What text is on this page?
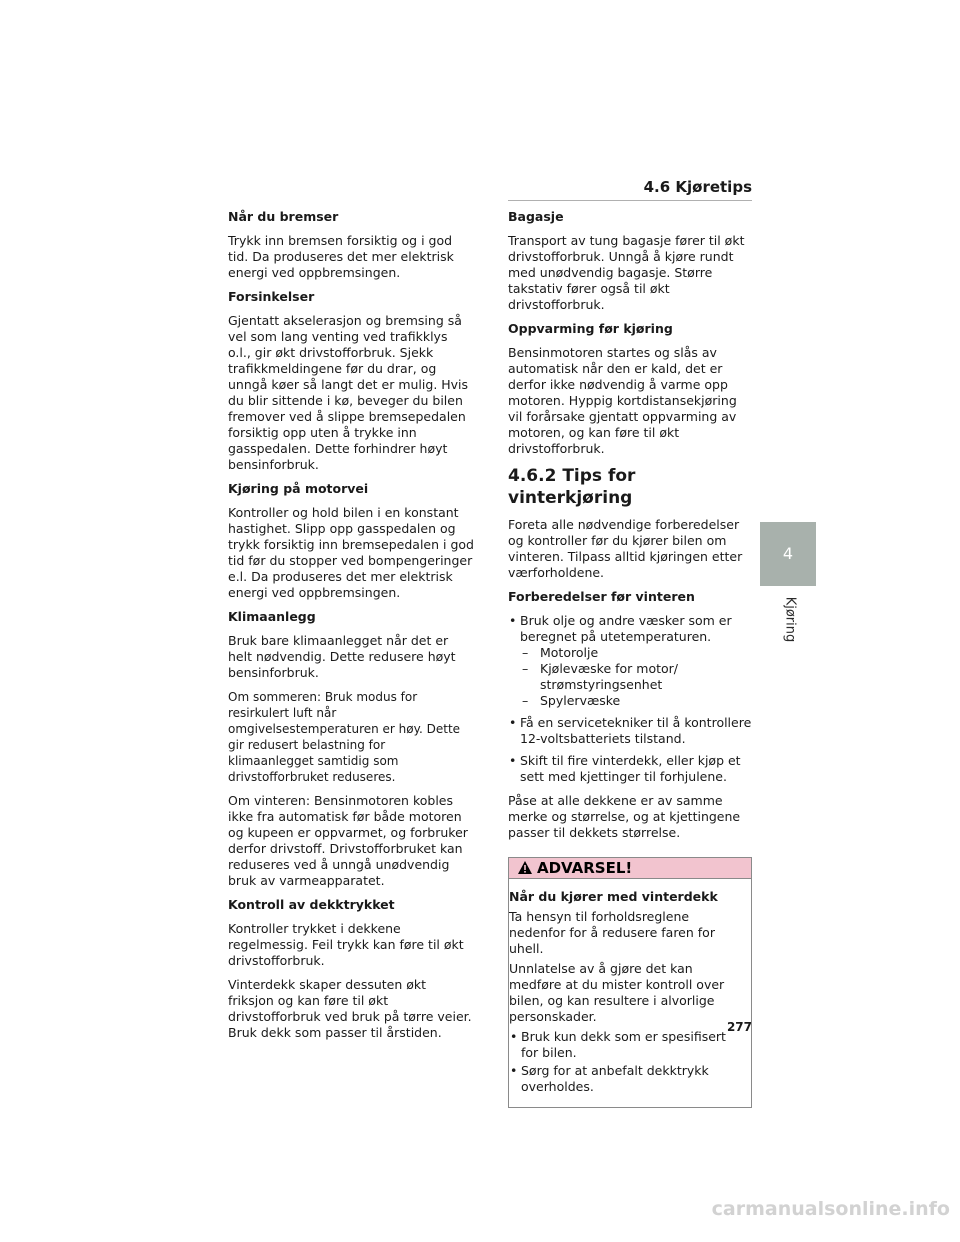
4.6 Kjøretips
Når du bremser

Trykk inn bremsen forsiktig og i god tid. Da produseres det mer elektrisk energi ved oppbremsingen.

Forsinkelser

Gjentatt akselerasjon og bremsing så vel som lang venting ved trafikklys o.l., gir økt drivstofforbruk. Sjekk trafikkmeldingene før du drar, og unngå køer så langt det er mulig. Hvis du blir sittende i kø, beveger du bilen fremover ved å slippe bremsepedalen forsiktig opp uten å trykke inn gasspedalen. Dette forhindrer høyt bensinforbruk.

Kjøring på motorvei

Kontroller og hold bilen i en konstant hastighet. Slipp opp gasspedalen og trykk forsiktig inn bremsepedalen i god tid før du stopper ved bompengeringer e.l. Da produseres det mer elektrisk energi ved oppbremsingen.

Klimaanlegg

Bruk bare klimaanlegget når det er helt nødvendig. Dette redusere høyt bensinforbruk.

Om sommeren: Bruk modus for resirkulert luft når omgivelsestemperaturen er høy. Dette gir redusert belastning for klimaanlegget samtidig som drivstofforbruket reduseres.

Om vinteren: Bensinmotoren kobles ikke fra automatisk før både motoren og kupeen er oppvarmet, og forbruker derfor drivstoff. Drivstofforbruket kan reduseres ved å unngå unødvendig bruk av varmeapparatet.

Kontroll av dekktrykket

Kontroller trykket i dekkene regelmessig. Feil trykk kan føre til økt drivstofforbruk.

Vinterdekk skaper dessuten økt friksjon og kan føre til økt drivstofforbruk ved bruk på tørre veier. Bruk dekk som passer til årstiden.

Bagasje

Transport av tung bagasje fører til økt drivstofforbruk. Unngå å kjøre rundt med unødvendig bagasje. Større takstativ fører også til økt drivstofforbruk.

Oppvarming før kjøring

Bensinmotoren startes og slås av automatisk når den er kald, det er derfor ikke nødvendig å varme opp motoren. Hyppig kortdistansekjøring vil forårsake gjentatt oppvarming av motoren, og kan føre til økt drivstofforbruk.

4.6.2 Tips for vinterkjøring

Foreta alle nødvendige forberedelser og kontroller før du kjører bilen om vinteren. Tilpass alltid kjøringen etter værforholdene.

Forberedelser før vinteren
• Bruk olje og andre væsker som er beregnet på utetemperaturen.
– Motorolje
– Kjølevæske for motor/ strømstyringsenhet
– Spylervæske
• Få en servicetekniker til å kontrollere 12-voltsbatteriets tilstand.
• Skift til fire vinterdekk, eller kjøp et sett med kjettinger til forhjulene.

Påse at alle dekkene er av samme merke og størrelse, og at kjettingene passer til dekkets størrelse.

ADVARSEL!
Når du kjører med vinterdekk

Ta hensyn til forholdsreglene nedenfor for å redusere faren for uhell.

Unnlatelse av å gjøre det kan medføre at du mister kontroll over bilen, og kan resultere i alvorlige personskader.

• Bruk kun dekk som er spesifisert for bilen.
• Sørg for at anbefalt dekktrykk overholdes.
4
Kjøring
277
carmanualsonline.info
